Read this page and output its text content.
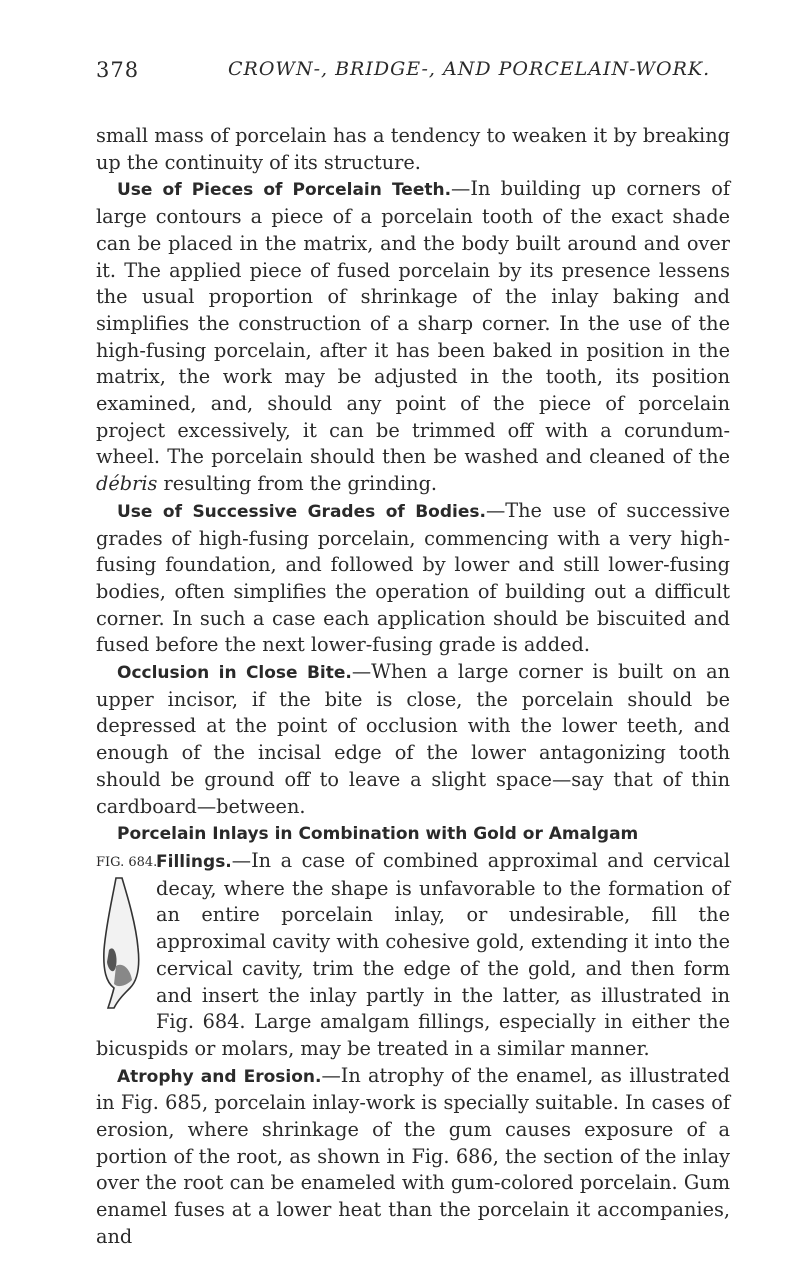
378	CROWN-, BRIDGE-, AND PORCELAIN-WORK.

small mass of porcelain has a tendency to weaken it by breaking up the continuity of its structure.

Use of Pieces of Porcelain Teeth.—In building up corners of large contours a piece of a porcelain tooth of the exact shade can be placed in the matrix, and the body built around and over it. The applied piece of fused porcelain by its presence lessens the usual proportion of shrinkage of the inlay baking and simplifies the construction of a sharp corner. In the use of the high-fusing porcelain, after it has been baked in position in the matrix, the work may be adjusted in the tooth, its position examined, and, should any point of the piece of porcelain project excessively, it can be trimmed off with a corundum-wheel. The porcelain should then be washed and cleaned of the débris resulting from the grinding.

Use of Successive Grades of Bodies.—The use of successive grades of high-fusing porcelain, commencing with a very high-fusing foundation, and followed by lower and still lower-fusing bodies, often simplifies the operation of building out a difficult corner. In such a case each application should be biscuited and fused before the next lower-fusing grade is added.

Occlusion in Close Bite.—When a large corner is built on an upper incisor, if the bite is close, the porcelain should be depressed at the point of occlusion with the lower teeth, and enough of the incisal edge of the lower antagonizing tooth should be ground off to leave a slight space—say that of thin cardboard—between.

Porcelain Inlays in Combination with Gold or Amalgam

FIG. 684.

Fillings.—In a case of combined approximal and cervical decay, where the shape is unfavorable to the formation of an entire porcelain inlay, or undesirable, fill the approximal cavity with cohesive gold, extending it into the cervical cavity, trim the edge of the gold, and then form and insert the inlay partly in the latter, as illustrated in Fig. 684. Large amalgam fillings, especially in either the bicuspids or molars, may be treated in a similar manner.

Atrophy and Erosion.—In atrophy of the enamel, as illustrated in Fig. 685, porcelain inlay-work is specially suitable. In cases of erosion, where shrinkage of the gum causes exposure of a portion of the root, as shown in Fig. 686, the section of the inlay over the root can be enameled with gum-colored porcelain. Gum enamel fuses at a lower heat than the porcelain it accompanies, and
